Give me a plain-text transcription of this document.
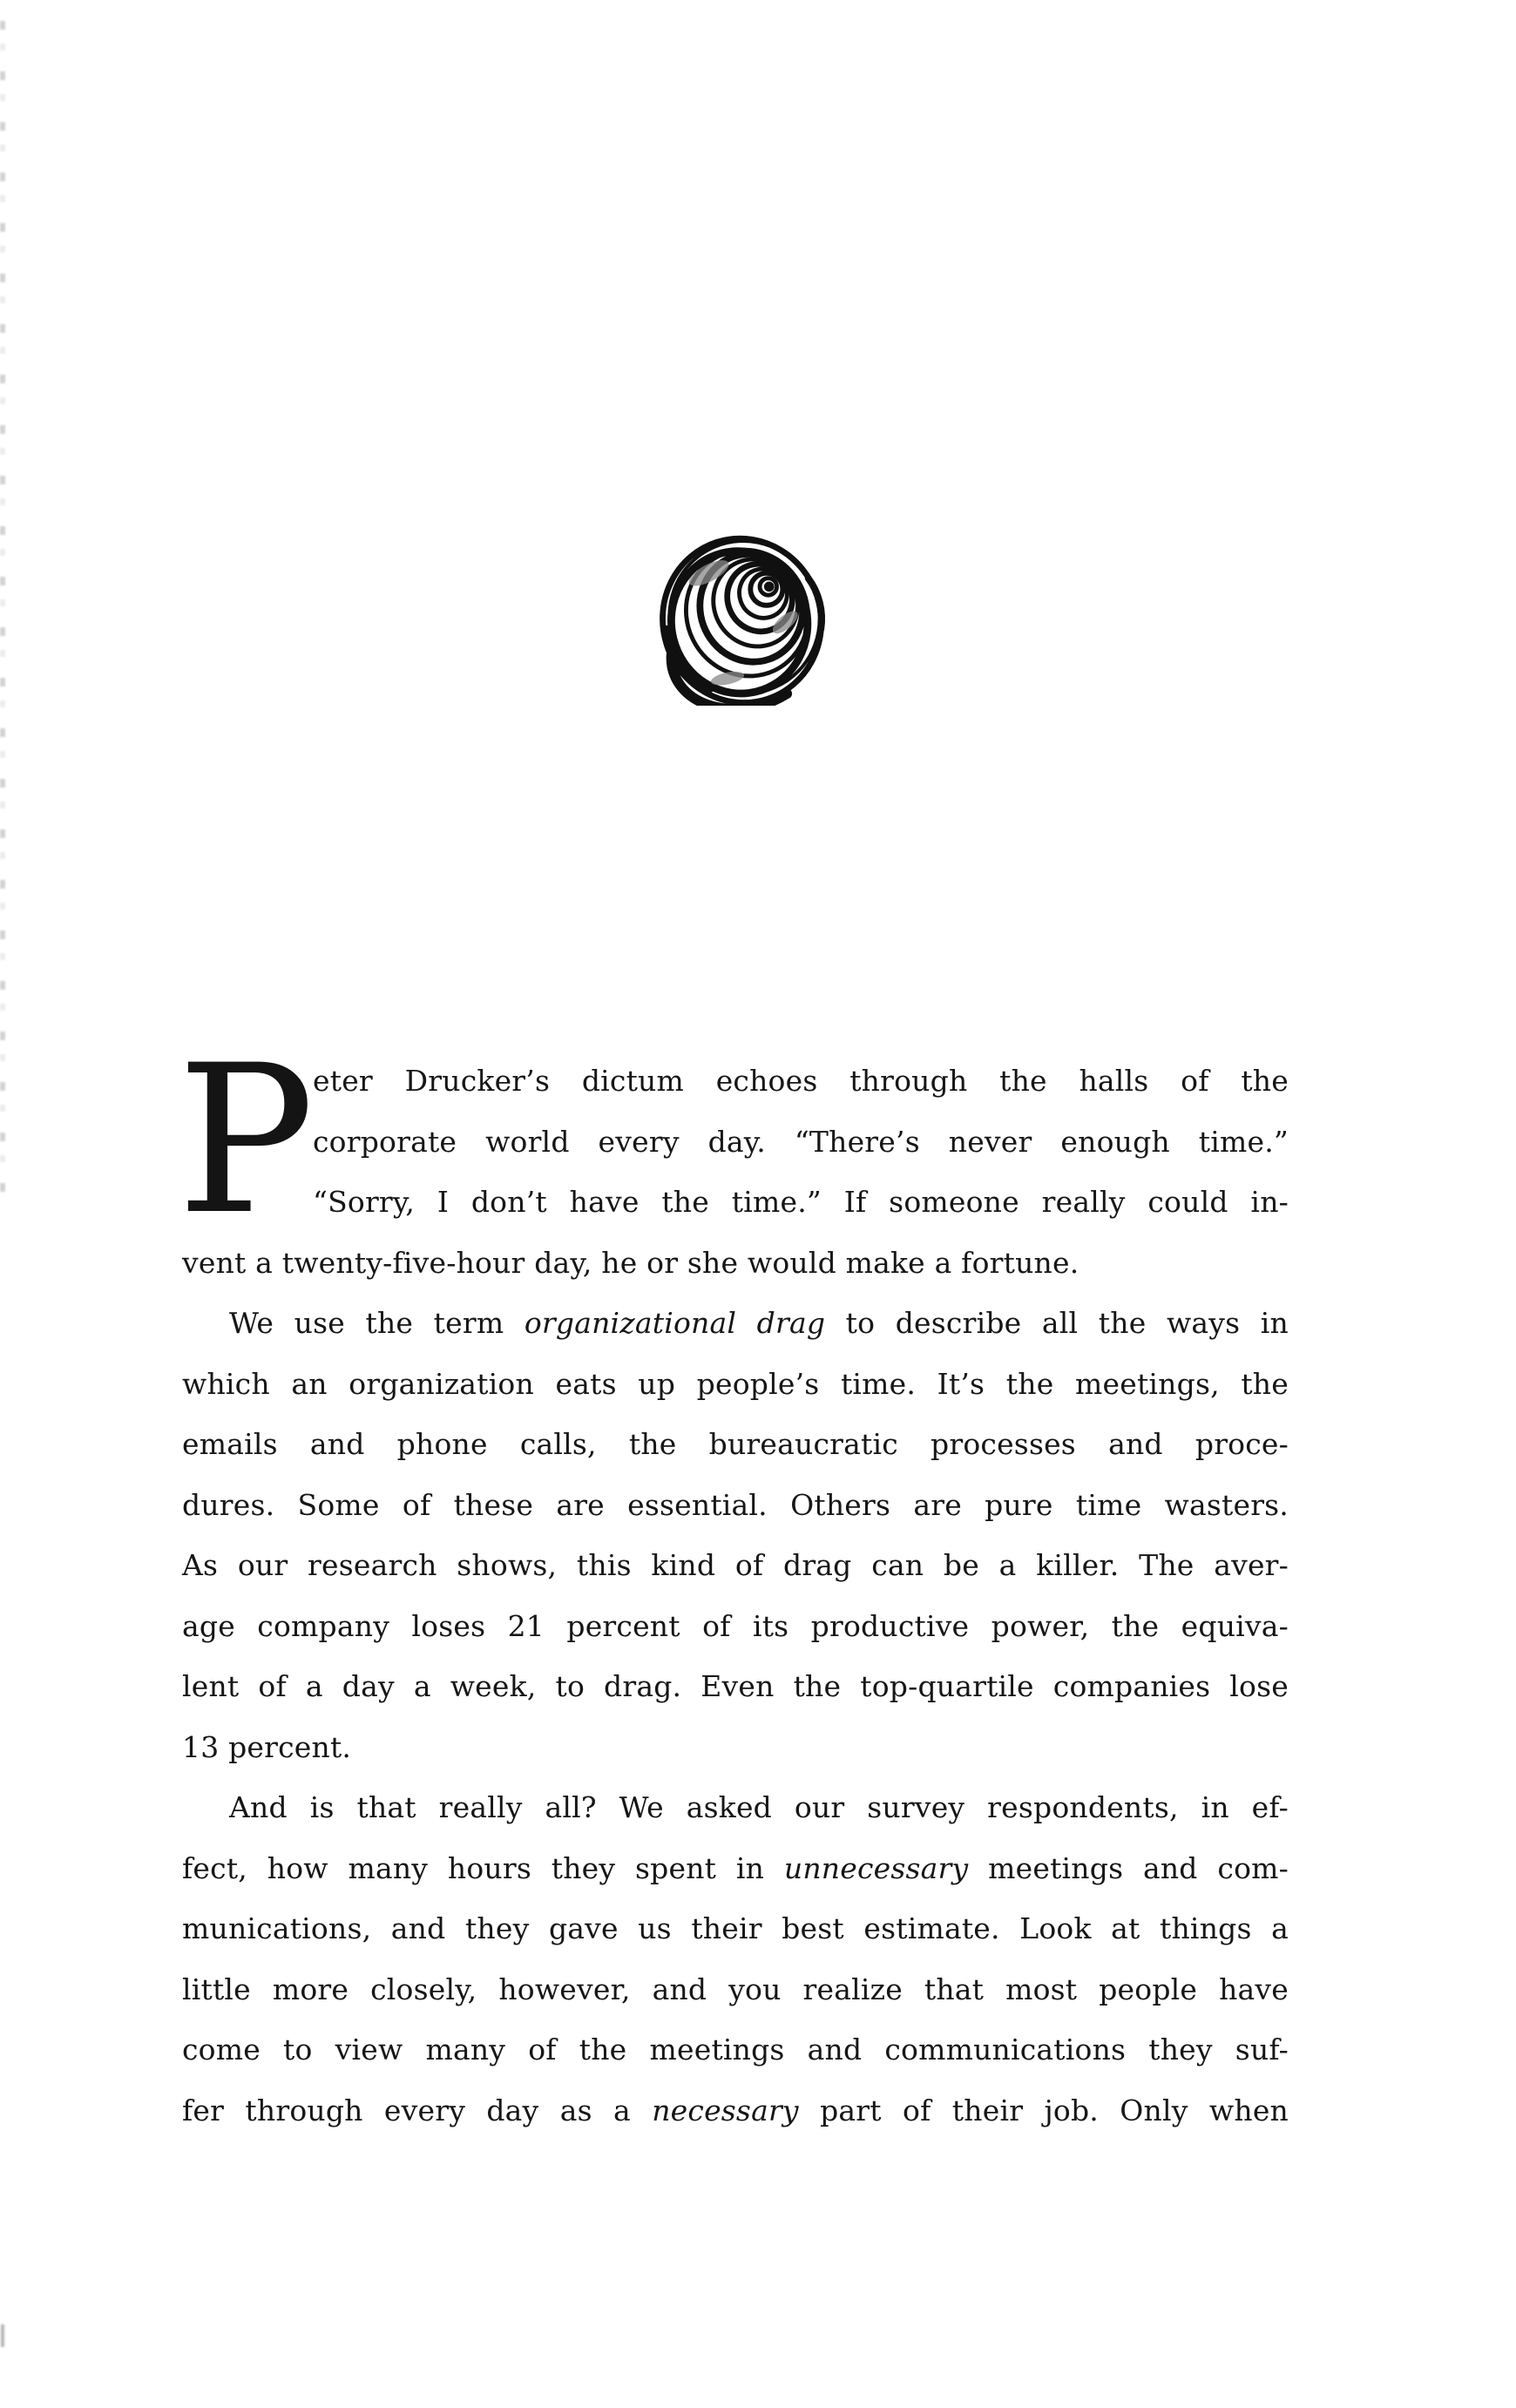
P
eter Drucker’s dictum echoes through the halls of the
corporate world every day. “There’s never enough time.”
“Sorry, I don’t have the time.” If someone really could in-
vent a twenty-five-hour day, he or she would make a fortune.
We use the term organizational drag to describe all the ways in
which an organization eats up people’s time. It’s the meetings, the
emails and phone calls, the bureaucratic processes and proce-
dures. Some of these are essential. Others are pure time wasters.
As our research shows, this kind of drag can be a killer. The aver-
age company loses 21 percent of its productive power, the equiva-
lent of a day a week, to drag. Even the top-quartile companies lose
13 percent.
And is that really all? We asked our survey respondents, in ef-
fect, how many hours they spent in unnecessary meetings and com-
munications, and they gave us their best estimate. Look at things a
little more closely, however, and you realize that most people have
come to view many of the meetings and communications they suf-
fer through every day as a necessary part of their job. Only when
